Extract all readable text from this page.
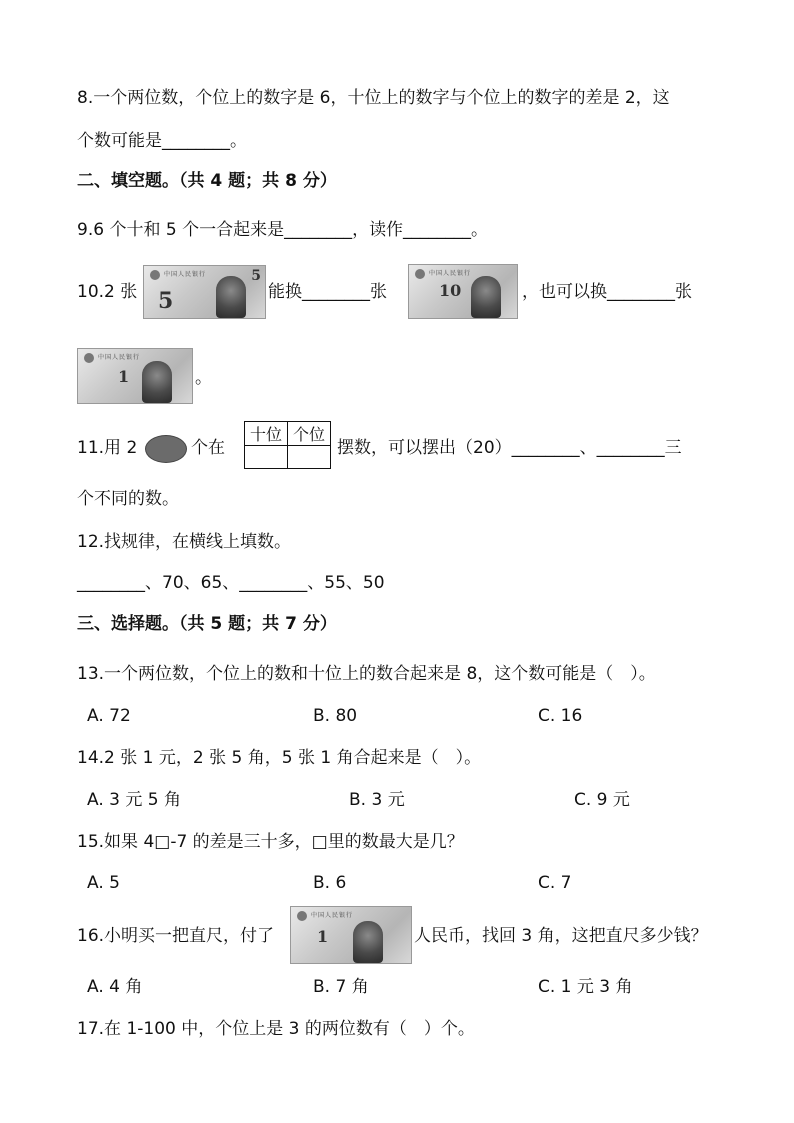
8.一个两位数，个位上的数字是 6，十位上的数字与个位上的数字的差是 2，这
个数可能是________。
二、填空题。（共 4 题；共 8 分）
9.6 个十和 5 个一合起来是________，读作________。
10.2 张
中国人民银行
5
5
能换________张
中国人民银行
10	，也可以换________张
中国人民银行
1	。
11.用 2	个在
十位	个位

摆数，可以摆出（20）________、________三
个不同的数。
12.找规律，在横线上填数。
________、70、65、________、55、50
三、选择题。（共 5 题；共 7 分）
13.一个两位数，个位上的数和十位上的数合起来是 8，这个数可能是（　）。
A. 72	B. 80	C. 16
14.2 张 1 元，2 张 5 角，5 张 1 角合起来是（　）。
A. 3 元 5 角	B. 3 元	C. 9 元
15.如果 4□-7 的差是三十多，□里的数最大是几？
A. 5	B. 6	C. 7
16.小明买一把直尺，付了
中国人民银行
1	人民币，找回 3 角，这把直尺多少钱？
A. 4 角	B. 7 角	C. 1 元 3 角
17.在 1-100 中，个位上是 3 的两位数有（　）个。
